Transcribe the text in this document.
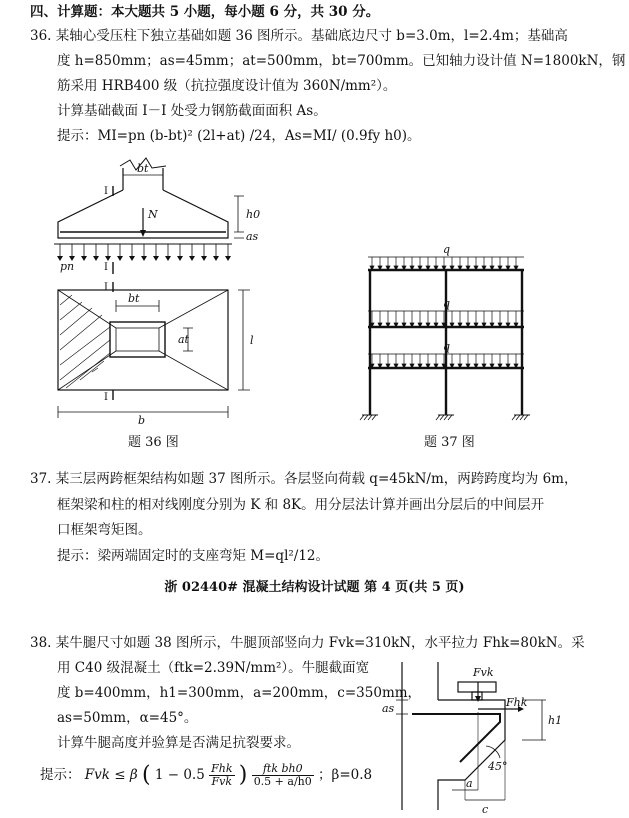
四、计算题：本大题共 5 小题，每小题 6 分，共 30 分。
36. 某轴心受压柱下独立基础如题 36 图所示。基础底边尺寸 b=3.0m，l=2.4m；基础高
度 h=850mm；as=45mm；at=500mm，bt=700mm。已知轴力设计值 N=1800kN，钢
筋采用 HRB400 级（抗拉强度设计值为 360N/mm²）。
计算基础截面 I－I 处受力钢筋截面面积 As。
提示：MI=pn (b-bt)² (2l+at) /24，As=MI/ (0.9fy h0)。
bt
N	h0
as
pn
bt
at	l
b
I
I
I
I
题 36 图
q
q
q
题 37 图
37. 某三层两跨框架结构如题 37 图所示。各层竖向荷载 q=45kN/m，两跨跨度均为 6m，
框架梁和柱的相对线刚度分别为 K 和 8K。用分层法计算并画出分层后的中间层开
口框架弯矩图。
提示：梁两端固定时的支座弯矩 M=ql²/12。
浙 02440# 混凝土结构设计试题 第 4 页(共 5 页)
38. 某牛腿尺寸如题 38 图所示，牛腿顶部竖向力 Fvk=310kN，水平拉力 Fhk=80kN。采
用 C40 级混凝土（ftk=2.39N/mm²）。牛腿截面宽
度 b=400mm，h1=300mm，a=200mm，c=350mm，
as=50mm，α=45°。
计算牛腿高度并验算是否满足抗裂要求。
提示： Fvk ≤ β ( $1 - 0.5 \frac{\text{Fhk}}{\text{Fvk}}$ ) $\frac{\text{ftk bh0}}{0.5 + a/h0}$ ；β=0.8
Fvk
Fhk
h1
as
45°
a
c
